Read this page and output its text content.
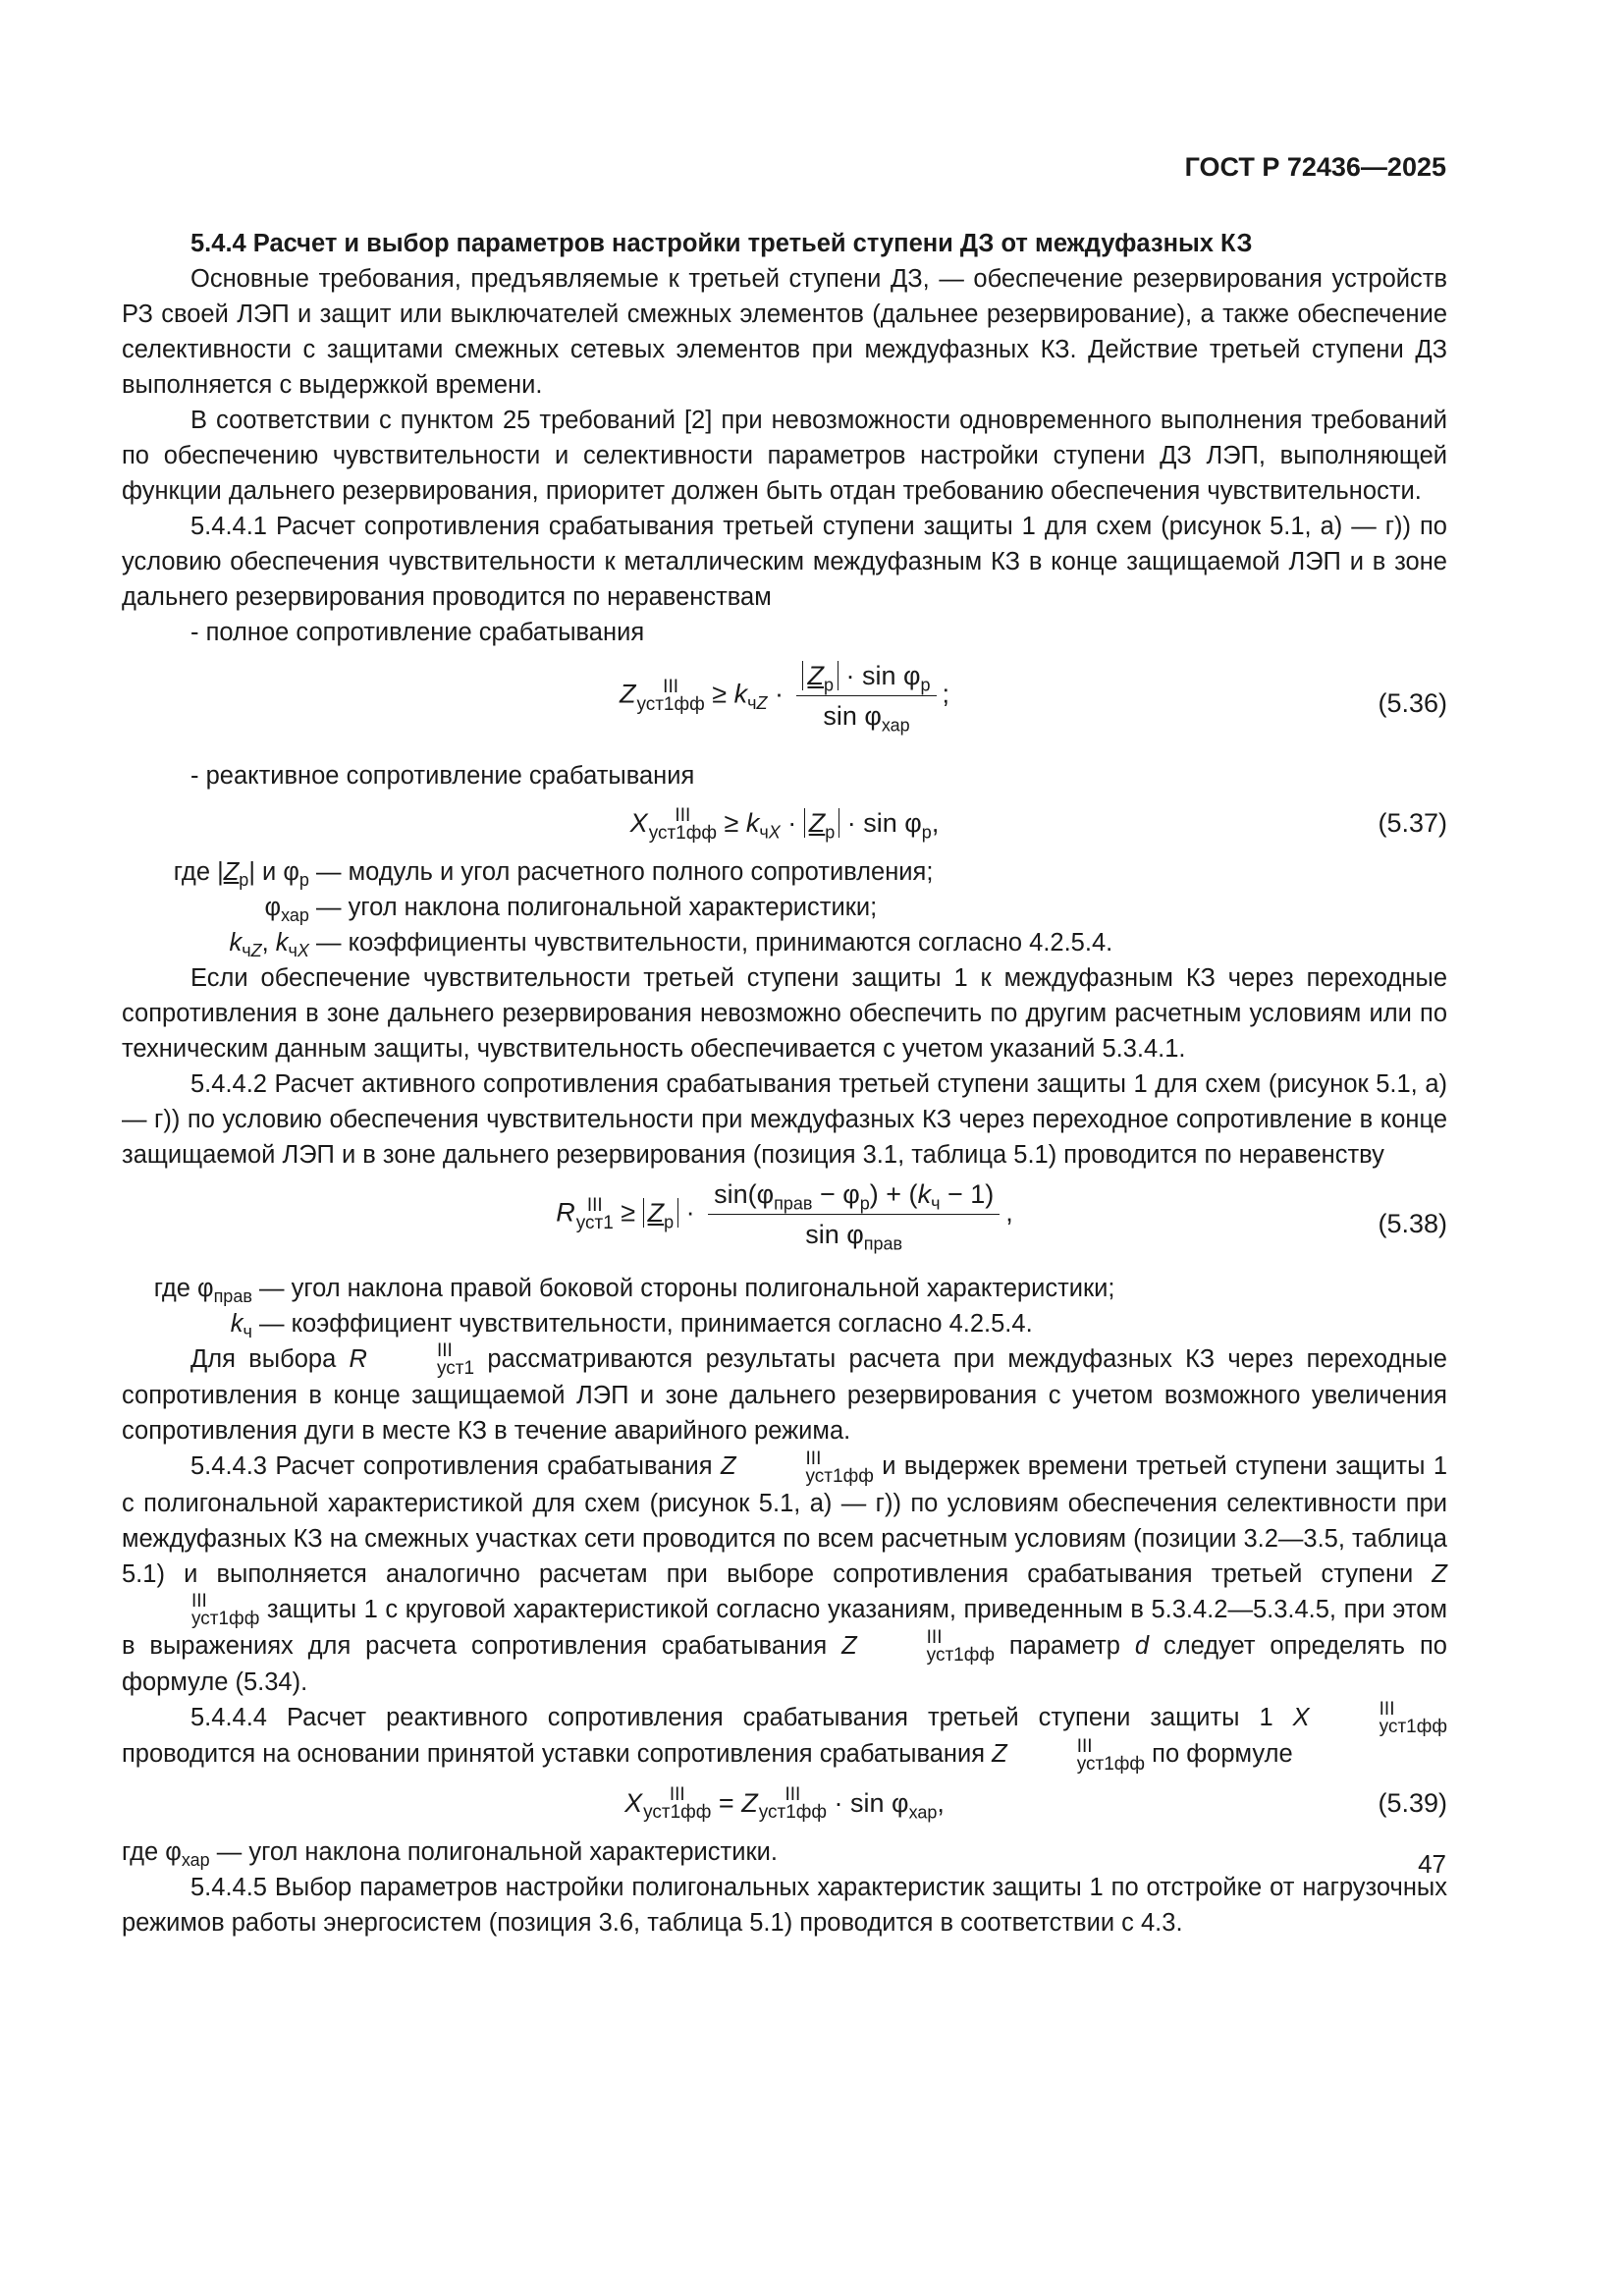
ГОСТ Р 72436—2025

5.4.4 Расчет и выбор параметров настройки третьей ступени ДЗ от междуфазных КЗ

Основные требования, предъявляемые к третьей ступени ДЗ, — обеспечение резервирования устройств РЗ своей ЛЭП и защит или выключателей смежных элементов (дальнее резервирование), а также обеспечение селективности с защитами смежных сетевых элементов при междуфазных КЗ. Действие третьей ступени ДЗ выполняется с выдержкой времени.

В соответствии с пунктом 25 требований [2] при невозможности одновременного выполнения требований по обеспечению чувствительности и селективности параметров настройки ступени ДЗ ЛЭП, выполняющей функции дальнего резервирования, приоритет должен быть отдан требованию обеспечения чувствительности.

5.4.4.1 Расчет сопротивления срабатывания третьей ступени защиты 1 для схем (рисунок 5.1, а) — г)) по условию обеспечения чувствительности к металлическим междуфазным КЗ в конце защищаемой ЛЭП и в зоне дальнего резервирования проводится по неравенствам

- полное сопротивление срабатывания

Z	III
$уст1фф \ge k_{чZ} \cdot \frac{Z_р \cdot \sin \varphi_р}{\sin \varphi_{хар}}$ ;	(5.36)

- реактивное сопротивление срабатывания

X	III
$уст1фф \ge k_{чX} \cdot Z_р \cdot \sin \varphi_р$,	(5.37)
где $|Z_р|$ и $\varphi_р$ — модуль и угол расчетного полного сопротивления;
$\varphi_{хар}$ — угол наклона полигональной характеристики;
$k_{чZ}$, $k_{чX}$ — коэффициенты чувствительности, принимаются согласно 4.2.5.4.

Если обеспечение чувствительности третьей ступени защиты 1 к междуфазным КЗ через переходные сопротивления в зоне дальнего резервирования невозможно обеспечить по другим расчетным условиям или по техническим данным защиты, чувствительность обеспечивается с учетом указаний 5.3.4.1.

5.4.4.2 Расчет активного сопротивления срабатывания третьей ступени защиты 1 для схем (рисунок 5.1, а) — г)) по условию обеспечения чувствительности при междуфазных КЗ через переходное сопротивление в конце защищаемой ЛЭП и в зоне дальнего резервирования (позиция 3.1, таблица 5.1) проводится по неравенству

R III
$уст1 \ge Z_р \cdot \frac{\sin(\varphi_{прав} - \varphi_р) + (k_ч - 1)}{\sin \varphi_{прав}}$ ,	(5.38)
где $\varphi_{прав}$ — угол наклона правой боковой стороны полигональной характеристики;
$k_ч$ — коэффициент чувствительности, принимается согласно 4.2.5.4.

Для выбора R	III
уст1 рассматриваются результаты расчета при междуфазных КЗ через переходные сопротивления в конце защищаемой ЛЭП и зоне дальнего резервирования с учетом возможного увеличения сопротивления дуги в месте КЗ в течение аварийного режима.

5.4.4.3 Расчет сопротивления срабатывания Z	III
уст1фф и выдержек времени третьей ступени защиты 1 с полигональной характеристикой для схем (рисунок 5.1, а) — г)) по условиям обеспечения селективности при междуфазных КЗ на смежных участках сети проводится по всем расчетным условиям (позиции 3.2—3.5, таблица 5.1) и выполняется аналогично расчетам при выборе сопротивления срабатывания третьей ступени Z
III
уст1фф защиты 1 с круговой характеристикой согласно указаниям, приведенным в 5.3.4.2—5.3.4.5, при этом в выражениях для расчета сопротивления срабатывания Z	III
уст1фф параметр d следует определять по формуле (5.34).

5.4.4.4 Расчет реактивного сопротивления срабатывания третьей ступени защиты 1 X	III
уст1фф
проводится на основании принятой уставки сопротивления срабатывания Z	III
уст1фф по формуле

X	III
уст1фф = Z	III
$уст1фф \cdot \sin \varphi_{хар}$,	(5.39)
где $\varphi_{хар}$ — угол наклона полигональной характеристики.

5.4.4.5 Выбор параметров настройки полигональных характеристик защиты 1 по отстройке от нагрузочных режимов работы энергосистем (позиция 3.6, таблица 5.1) проводится в соответствии с 4.3.

47
